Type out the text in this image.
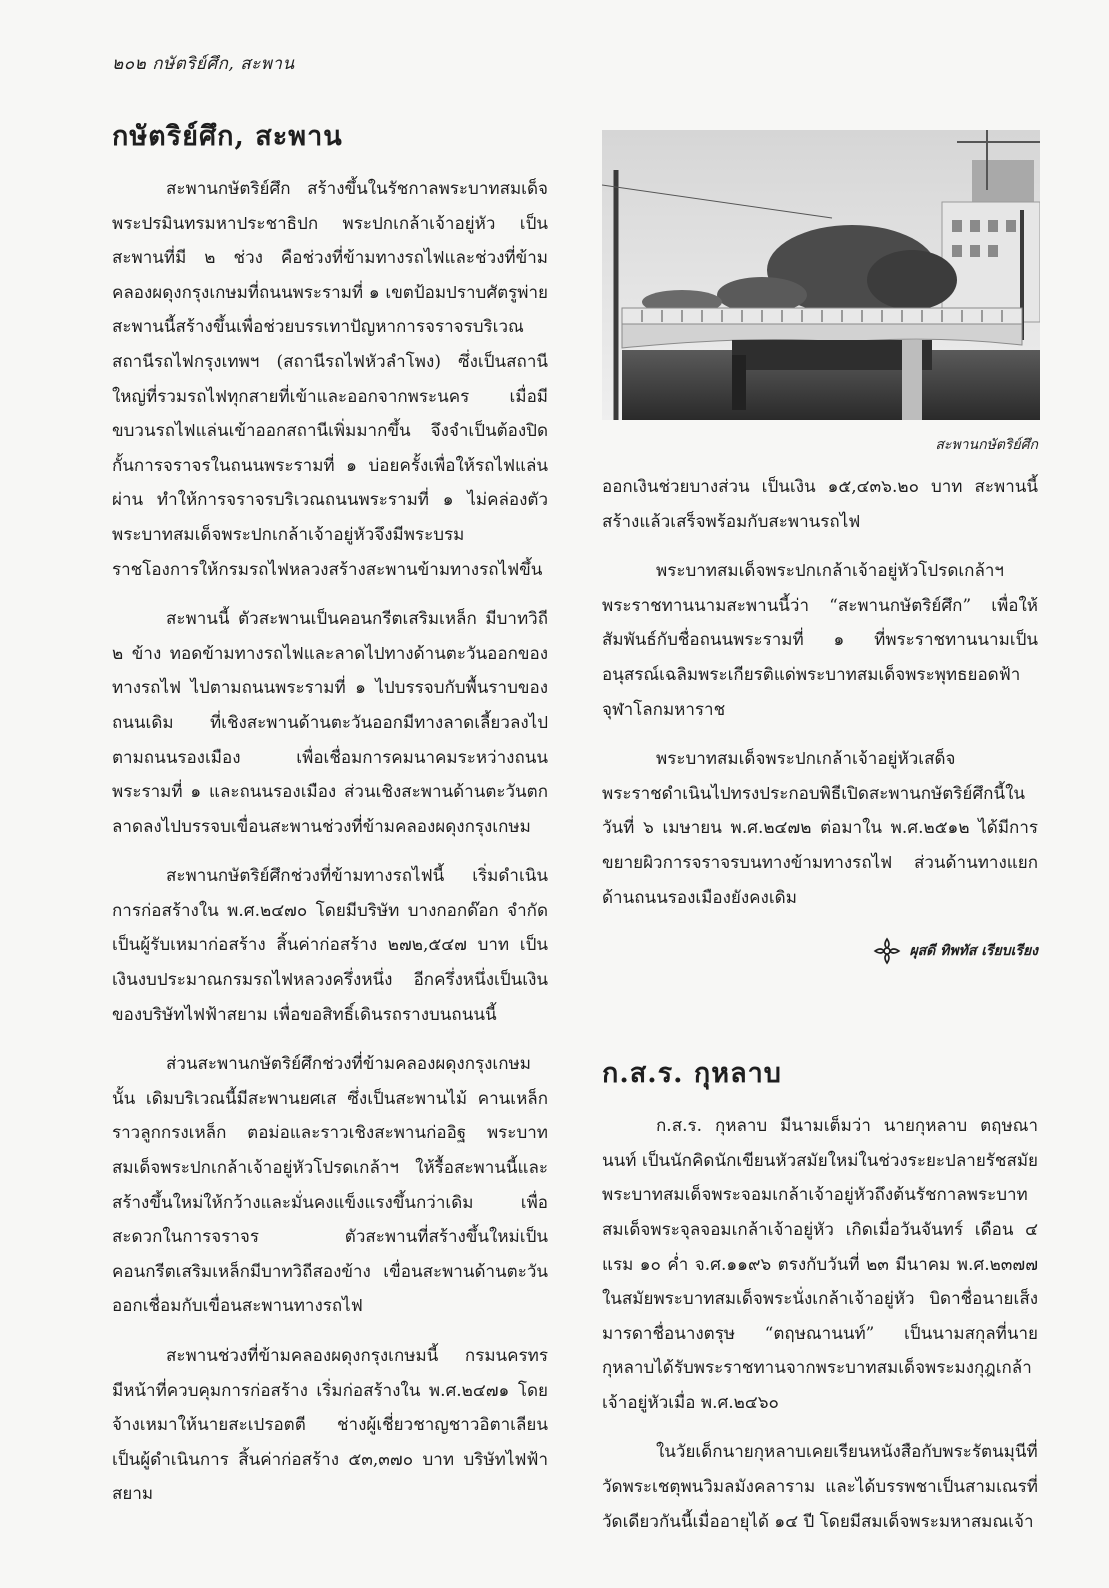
๒๐๒ กษัตริย์ศึก, สะพาน
กษัตริย์ศึก, สะพาน

สะพานกษัตริย์ศึก สร้างขึ้นในรัชกาลพระบาทสมเด็จพระปรมินทรมหาประชาธิปก พระปกเกล้าเจ้าอยู่หัว เป็นสะพานที่มี ๒ ช่วง คือช่วงที่ข้ามทางรถไฟและช่วงที่ข้ามคลองผดุงกรุงเกษมที่ถนนพระรามที่ ๑ เขตป้อมปราบศัตรูพ่าย สะพานนี้สร้างขึ้นเพื่อช่วยบรรเทาปัญหาการจราจรบริเวณสถานีรถไฟกรุงเทพฯ (สถานีรถไฟหัวลำโพง) ซึ่งเป็นสถานีใหญ่ที่รวมรถไฟทุกสายที่เข้าและออกจากพระนคร เมื่อมีขบวนรถไฟแล่นเข้าออกสถานีเพิ่มมากขึ้น จึงจำเป็นต้องปิดกั้นการจราจรในถนนพระรามที่ ๑ บ่อยครั้งเพื่อให้รถไฟแล่นผ่าน ทำให้การจราจรบริเวณถนนพระรามที่ ๑ ไม่คล่องตัว พระบาทสมเด็จพระปกเกล้าเจ้าอยู่หัวจึงมีพระบรมราชโองการให้กรมรถไฟหลวงสร้างสะพานข้ามทางรถไฟขึ้น

สะพานนี้ ตัวสะพานเป็นคอนกรีตเสริมเหล็ก มีบาทวิถี ๒ ข้าง ทอดข้ามทางรถไฟและลาดไปทางด้านตะวันออกของทางรถไฟ ไปตามถนนพระรามที่ ๑ ไปบรรจบกับพื้นราบของถนนเดิม ที่เชิงสะพานด้านตะวันออกมีทางลาดเลี้ยวลงไปตามถนนรองเมือง เพื่อเชื่อมการคมนาคมระหว่างถนนพระรามที่ ๑ และถนนรองเมือง ส่วนเชิงสะพานด้านตะวันตกลาดลงไปบรรจบเขื่อนสะพานช่วงที่ข้ามคลองผดุงกรุงเกษม

สะพานกษัตริย์ศึกช่วงที่ข้ามทางรถไฟนี้ เริ่มดำเนินการก่อสร้างใน พ.ศ.๒๔๗๐ โดยมีบริษัท บางกอกด๊อก จำกัด เป็นผู้รับเหมาก่อสร้าง สิ้นค่าก่อสร้าง ๒๗๒,๕๔๗ บาท เป็นเงินงบประมาณกรมรถไฟหลวงครึ่งหนึ่ง อีกครึ่งหนึ่งเป็นเงินของบริษัทไฟฟ้าสยาม เพื่อขอสิทธิ์เดินรถรางบนถนนนี้

ส่วนสะพานกษัตริย์ศึกช่วงที่ข้ามคลองผดุงกรุงเกษมนั้น เดิมบริเวณนี้มีสะพานยศเส ซึ่งเป็นสะพานไม้ คานเหล็ก ราวลูกกรงเหล็ก ตอม่อและราวเชิงสะพานก่ออิฐ พระบาทสมเด็จพระปกเกล้าเจ้าอยู่หัวโปรดเกล้าฯ ให้รื้อสะพานนี้และสร้างขึ้นใหม่ให้กว้างและมั่นคงแข็งแรงขึ้นกว่าเดิม เพื่อสะดวกในการจราจร ตัวสะพานที่สร้างขึ้นใหม่เป็นคอนกรีตเสริมเหล็กมีบาทวิถีสองข้าง เขื่อนสะพานด้านตะวันออกเชื่อมกับเขื่อนสะพานทางรถไฟ

สะพานช่วงที่ข้ามคลองผดุงกรุงเกษมนี้ กรมนครทรมีหน้าที่ควบคุมการก่อสร้าง เริ่มก่อสร้างใน พ.ศ.๒๔๗๑ โดยจ้างเหมาให้นายสะเปรอตตี ช่างผู้เชี่ยวชาญชาวอิตาเลียนเป็นผู้ดำเนินการ สิ้นค่าก่อสร้าง ๕๓,๓๗๐ บาท บริษัทไฟฟ้าสยาม

สะพานกษัตริย์ศึก

ออกเงินช่วยบางส่วน เป็นเงิน ๑๕,๔๓๖.๒๐ บาท สะพานนี้สร้างแล้วเสร็จพร้อมกับสะพานรถไฟ

พระบาทสมเด็จพระปกเกล้าเจ้าอยู่หัวโปรดเกล้าฯ พระราชทานนามสะพานนี้ว่า “สะพานกษัตริย์ศึก” เพื่อให้สัมพันธ์กับชื่อถนนพระรามที่ ๑ ที่พระราชทานนามเป็นอนุสรณ์เฉลิมพระเกียรติแด่พระบาทสมเด็จพระพุทธยอดฟ้าจุฬาโลกมหาราช

พระบาทสมเด็จพระปกเกล้าเจ้าอยู่หัวเสด็จพระราชดำเนินไปทรงประกอบพิธีเปิดสะพานกษัตริย์ศึกนี้ในวันที่ ๖ เมษายน พ.ศ.๒๔๗๒ ต่อมาใน พ.ศ.๒๕๑๒ ได้มีการขยายผิวการจราจรบนทางข้ามทางรถไฟ ส่วนด้านทางแยกด้านถนนรองเมืองยังคงเดิม

ผุสดี ทิพทัส เรียบเรียง
ก.ส.ร. กุหลาบ

ก.ส.ร. กุหลาบ มีนามเต็มว่า นายกุหลาบ ตฤษณานนท์ เป็นนักคิดนักเขียนหัวสมัยใหม่ในช่วงระยะปลายรัชสมัยพระบาทสมเด็จพระจอมเกล้าเจ้าอยู่หัวถึงต้นรัชกาลพระบาทสมเด็จพระจุลจอมเกล้าเจ้าอยู่หัว เกิดเมื่อวันจันทร์ เดือน ๔ แรม ๑๐ ค่ำ จ.ศ.๑๑๙๖ ตรงกับวันที่ ๒๓ มีนาคม พ.ศ.๒๓๗๗ ในสมัยพระบาทสมเด็จพระนั่งเกล้าเจ้าอยู่หัว บิดาชื่อนายเส็งมารดาชื่อนางตรุษ “ตฤษณานนท์” เป็นนามสกุลที่นายกุหลาบได้รับพระราชทานจากพระบาทสมเด็จพระมงกุฎเกล้าเจ้าอยู่หัวเมื่อ พ.ศ.๒๔๖๐

ในวัยเด็กนายกุหลาบเคยเรียนหนังสือกับพระรัตนมุนีที่วัดพระเชตุพนวิมลมังคลาราม และได้บรรพชาเป็นสามเณรที่วัดเดียวกันนี้เมื่ออายุได้ ๑๔ ปี โดยมีสมเด็จพระมหาสมณเจ้า
